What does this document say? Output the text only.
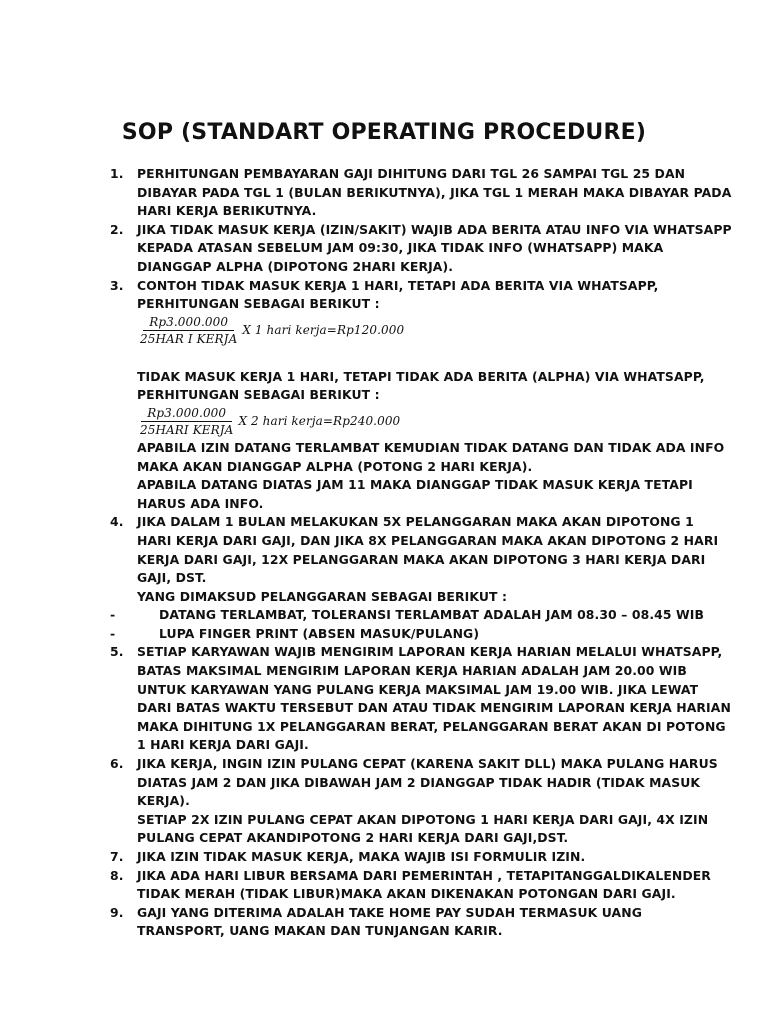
SOP (STANDART OPERATING PROCEDURE)
1. PERHITUNGAN PEMBAYARAN GAJI DIHITUNG DARI TGL 26 SAMPAI TGL 25 DAN
DIBAYAR PADA TGL 1 (BULAN BERIKUTNYA), JIKA TGL 1 MERAH MAKA DIBAYAR PADA
HARI KERJA BERIKUTNYA.
2. JIKA TIDAK MASUK KERJA (IZIN/SAKIT) WAJIB ADA BERITA ATAU INFO VIA WHATSAPP
KEPADA ATASAN SEBELUM JAM 09:30, JIKA TIDAK INFO (WHATSAPP) MAKA
DIANGGAP ALPHA (DIPOTONG 2HARI KERJA).
3. CONTOH TIDAK MASUK KERJA 1 HARI, TETAPI ADA BERITA VIA WHATSAPP,
PERHITUNGAN SEBAGAI BERIKUT :
$\frac{Rp3.000.000}{\text{25HAR I KERJA}}$ X 1 hari kerja=Rp120.000
TIDAK MASUK KERJA 1 HARI, TETAPI TIDAK ADA BERITA (ALPHA) VIA WHATSAPP,
PERHITUNGAN SEBAGAI BERIKUT :
$\frac{Rp3.000.000}{\text{25HARI KERJA}}$ X 2 hari kerja=Rp240.000
APABILA IZIN DATANG TERLAMBAT KEMUDIAN TIDAK DATANG DAN TIDAK ADA INFO
MAKA AKAN DIANGGAP ALPHA (POTONG 2 HARI KERJA).
APABILA DATANG DIATAS JAM 11 MAKA DIANGGAP TIDAK MASUK KERJA TETAPI
HARUS ADA INFO.
4. JIKA DALAM 1 BULAN MELAKUKAN 5X PELANGGARAN MAKA AKAN DIPOTONG 1
HARI KERJA DARI GAJI, DAN JIKA 8X PELANGGARAN MAKA AKAN DIPOTONG 2 HARI
KERJA DARI GAJI, 12X PELANGGARAN MAKA AKAN DIPOTONG 3 HARI KERJA DARI
GAJI, DST.
YANG DIMAKSUD PELANGGARAN SEBAGAI BERIKUT :
-	DATANG TERLAMBAT, TOLERANSI TERLAMBAT ADALAH JAM 08.30 – 08.45 WIB
-	LUPA FINGER PRINT (ABSEN MASUK/PULANG)
5. SETIAP KARYAWAN WAJIB MENGIRIM LAPORAN KERJA HARIAN MELALUI WHATSAPP,
BATAS MAKSIMAL MENGIRIM LAPORAN KERJA HARIAN ADALAH JAM 20.00 WIB
UNTUK KARYAWAN YANG PULANG KERJA MAKSIMAL JAM 19.00 WIB. JIKA LEWAT
DARI BATAS WAKTU TERSEBUT DAN ATAU TIDAK MENGIRIM LAPORAN KERJA HARIAN
MAKA DIHITUNG 1X PELANGGARAN BERAT, PELANGGARAN BERAT AKAN DI POTONG
1 HARI KERJA DARI GAJI.
6. JIKA KERJA, INGIN IZIN PULANG CEPAT (KARENA SAKIT DLL) MAKA PULANG HARUS
DIATAS JAM 2 DAN JIKA DIBAWAH JAM 2 DIANGGAP TIDAK HADIR (TIDAK MASUK
KERJA).
SETIAP 2X IZIN PULANG CEPAT AKAN DIPOTONG 1 HARI KERJA DARI GAJI, 4X IZIN
PULANG CEPAT AKANDIPOTONG 2 HARI KERJA DARI GAJI,DST.
7. JIKA IZIN TIDAK MASUK KERJA, MAKA WAJIB ISI FORMULIR IZIN.
8. JIKA ADA HARI LIBUR BERSAMA DARI PEMERINTAH , TETAPITANGGALDIKALENDER
TIDAK MERAH (TIDAK LIBUR)MAKA AKAN DIKENAKAN POTONGAN DARI GAJI.
9. GAJI YANG DITERIMA ADALAH TAKE HOME PAY SUDAH TERMASUK UANG
TRANSPORT, UANG MAKAN DAN TUNJANGAN KARIR.
